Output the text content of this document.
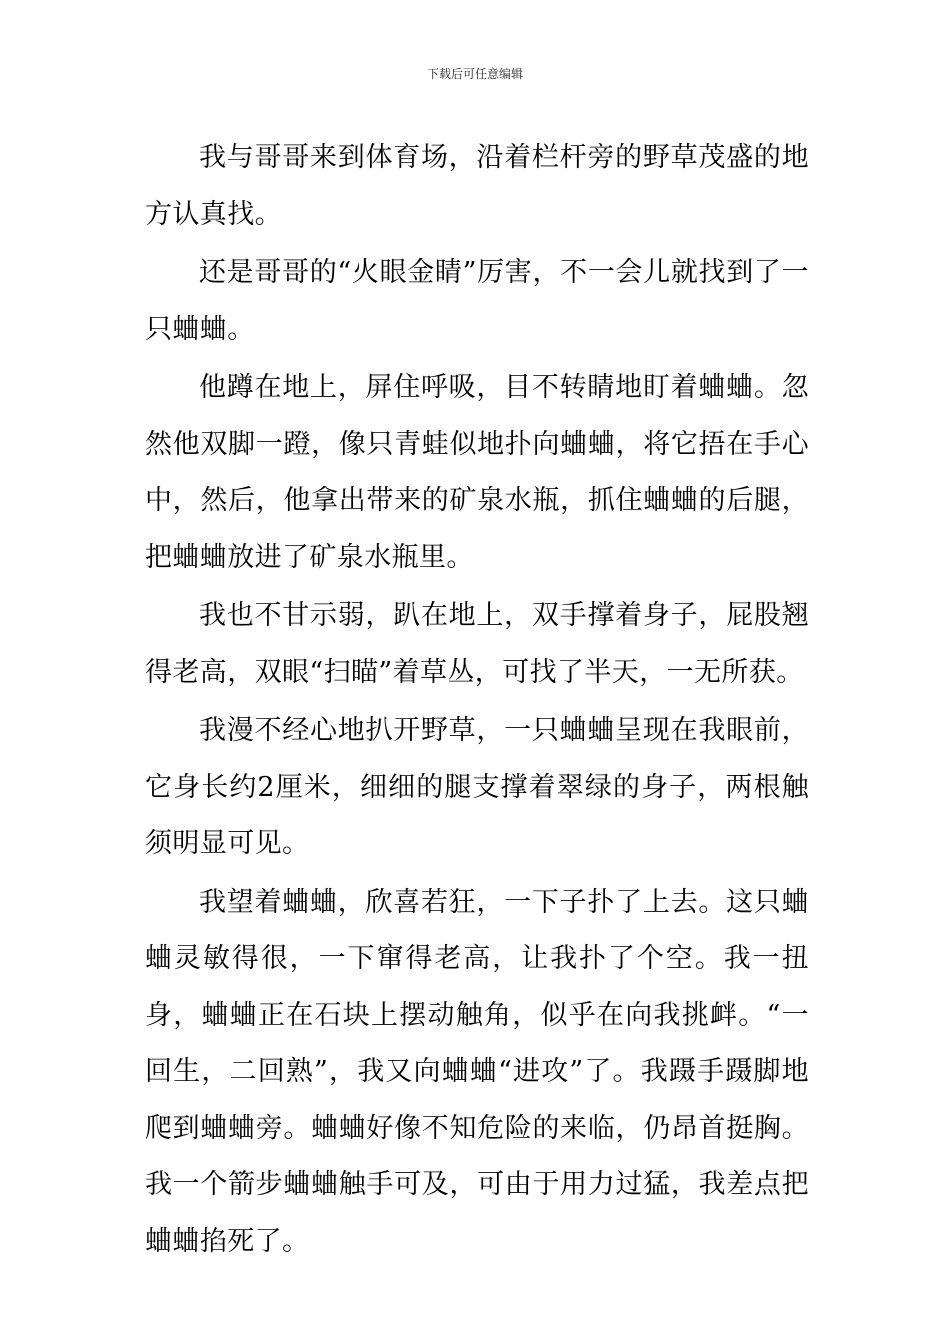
下载后可任意编辑

我与哥哥来到体育场，沿着栏杆旁的野草茂盛的地方认真找。

还是哥哥的“火眼金睛”厉害，不一会儿就找到了一只蛐蛐。

他蹲在地上，屏住呼吸，目不转睛地盯着蛐蛐。忽然他双脚一蹬，像只青蛙似地扑向蛐蛐，将它捂在手心中，然后，他拿出带来的矿泉水瓶，抓住蛐蛐的后腿，把蛐蛐放进了矿泉水瓶里。

我也不甘示弱，趴在地上，双手撑着身子，屁股翘得老高，双眼“扫瞄”着草丛，可找了半天，一无所获。

我漫不经心地扒开野草，一只蛐蛐呈现在我眼前，它身长约2厘米，细细的腿支撑着翠绿的身子，两根触须明显可见。

我望着蛐蛐，欣喜若狂，一下子扑了上去。这只蛐蛐灵敏得很，一下窜得老高，让我扑了个空。我一扭身，蛐蛐正在石块上摆动触角，似乎在向我挑衅。“一回生，二回熟”，我又向蛐蛐“进攻”了。我蹑手蹑脚地爬到蛐蛐旁。蛐蛐好像不知危险的来临，仍昂首挺胸。我一个箭步蛐蛐触手可及，可由于用力过猛，我差点把蛐蛐掐死了。
